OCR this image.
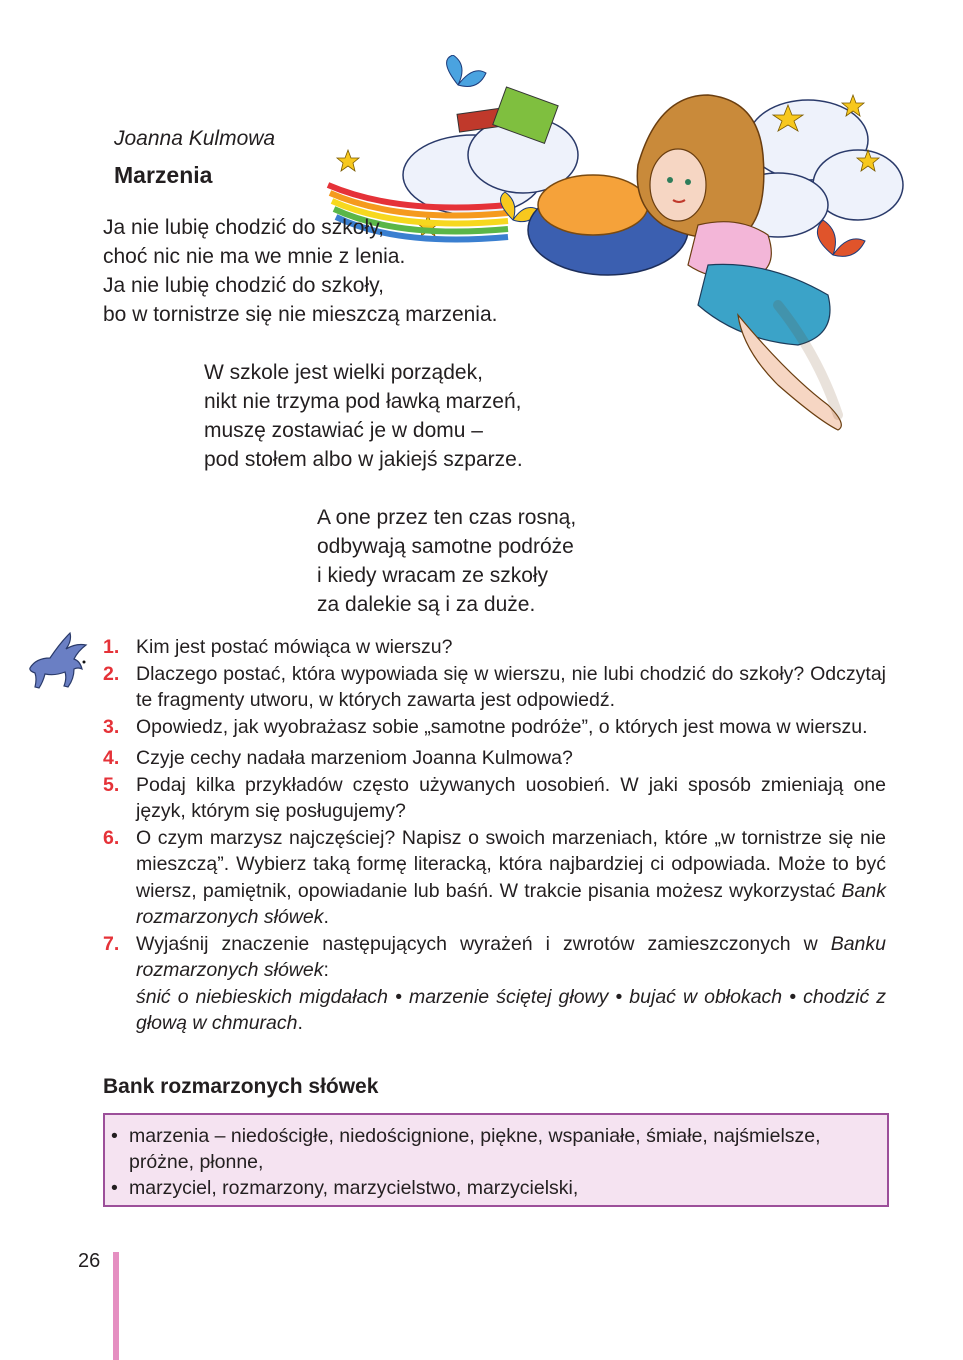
Joanna Kulmowa
Marzenia
Ja nie lubię chodzić do szkoły,
choć nic nie ma we mnie z lenia.
Ja nie lubię chodzić do szkoły,
bo w tornistrze się nie mieszczą marzenia.
W szkole jest wielki porządek,
nikt nie trzyma pod ławką marzeń,
muszę zostawiać je w domu –
pod stołem albo w jakiejś szparze.
A one przez ten czas rosną,
odbywają samotne podróże
i kiedy wracam ze szkoły
za dalekie są i za duże.
1. Kim jest postać mówiąca w wierszu?
2. Dlaczego postać, która wypowiada się w wierszu, nie lubi chodzić do szkoły? Odczytaj te fragmenty utworu, w których zawarta jest odpowiedź.
3. Opowiedz, jak wyobrażasz sobie „samotne podróże”, o których jest mowa w wierszu.
4. Czyje cechy nadała marzeniom Joanna Kulmowa?
5. Podaj kilka przykładów często używanych uosobień. W jaki sposób zmieniają one język, którym się posługujemy?
6. O czym marzysz najczęściej? Napisz o swoich marzeniach, które „w tornistrze się nie mieszczą”. Wybierz taką formę literacką, która najbardziej ci odpowiada. Może to być wiersz, pamiętnik, opowiadanie lub baśń. W trakcie pisania możesz wykorzystać Bank rozmarzonych słówek.
7. Wyjaśnij znaczenie następujących wyrażeń i zwrotów zamieszczonych w Banku rozmarzonych słówek:
śnić o niebieskich migdałach • marzenie ściętej głowy • bujać w obłokach • chodzić z głową w chmurach.
Bank rozmarzonych słówek
• marzenia – niedościgłe, niedoścignione, piękne, wspaniałe, śmiałe, najśmielsze, próżne, płonne,
• marzyciel, rozmarzony, marzycielstwo, marzycielski,
26
